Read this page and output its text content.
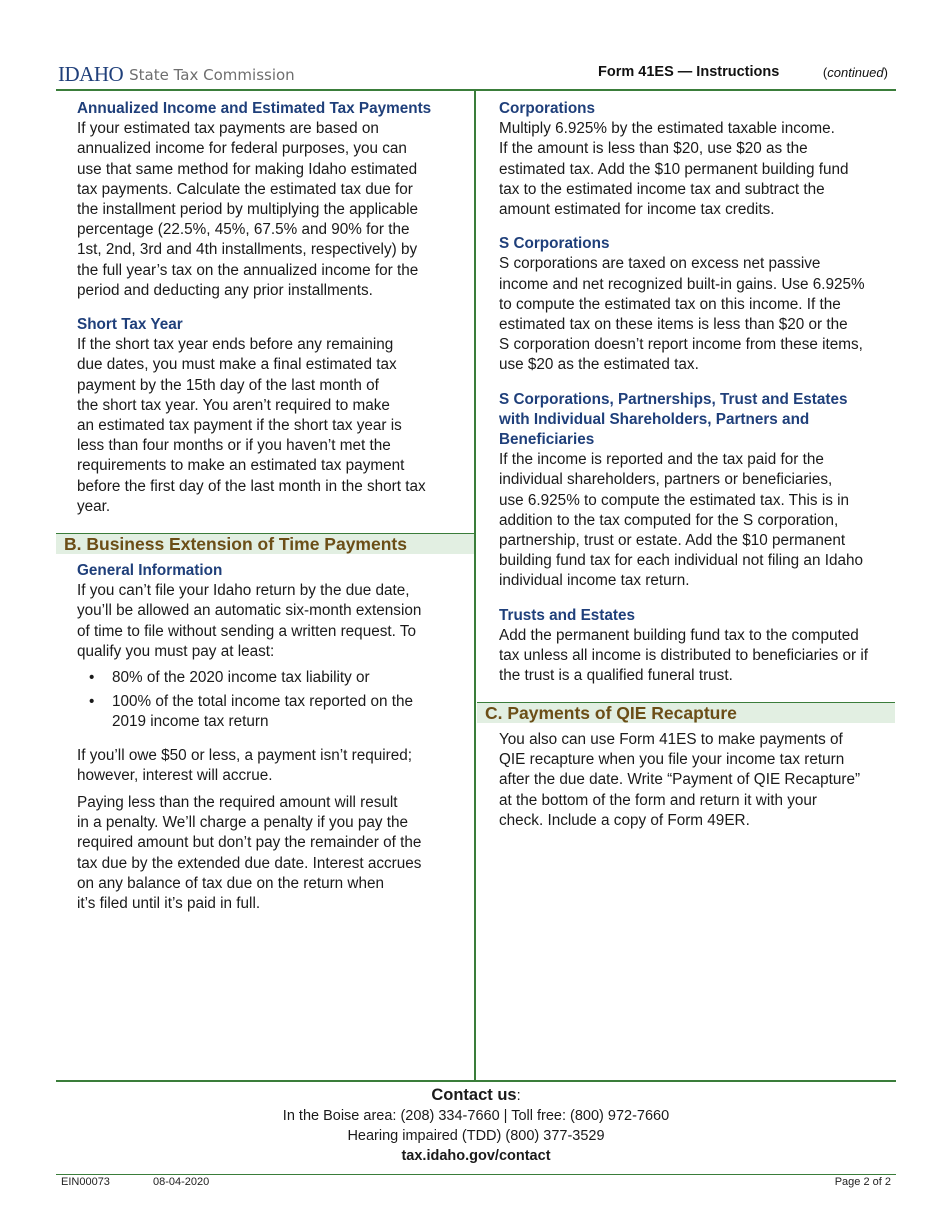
IDAHO State Tax Commission	Form 41ES — Instructions	(continued)
Annualized Income and Estimated Tax Payments
If your estimated tax payments are based on
annualized income for federal purposes, you can
use that same method for making Idaho estimated
tax payments. Calculate the estimated tax due for
the installment period by multiplying the applicable
percentage (22.5%, 45%, 67.5% and 90% for the
1st, 2nd, 3rd and 4th installments, respectively) by
the full year’s tax on the annualized income for the
period and deducting any prior installments.
Short Tax Year
If the short tax year ends before any remaining
due dates, you must make a final estimated tax
payment by the 15th day of the last month of
the short tax year. You aren’t required to make
an estimated tax payment if the short tax year is
less than four months or if you haven’t met the
requirements to make an estimated tax payment
before the first day of the last month in the short tax
year.
B. Business Extension of Time Payments
General Information
If you can’t file your Idaho return by the due date,
you’ll be allowed an automatic six-month extension
of time to file without sending a written request. To
qualify you must pay at least:
• 80% of the 2020 income tax liability or
• 100% of the total income tax reported on the
2019 income tax return
If you’ll owe $50 or less, a payment isn’t required;
however, interest will accrue.
Paying less than the required amount will result
in a penalty. We’ll charge a penalty if you pay the
required amount but don’t pay the remainder of the
tax due by the extended due date. Interest accrues
on any balance of tax due on the return when
it’s filed until it’s paid in full.
Corporations
Multiply 6.925% by the estimated taxable income.
If the amount is less than $20, use $20 as the
estimated tax. Add the $10 permanent building fund
tax to the estimated income tax and subtract the
amount estimated for income tax credits.
S Corporations
S corporations are taxed on excess net passive
income and net recognized built-in gains. Use 6.925%
to compute the estimated tax on this income. If the
estimated tax on these items is less than $20 or the
S corporation doesn’t report income from these items,
use $20 as the estimated tax.
S Corporations, Partnerships, Trust and Estates
with Individual Shareholders, Partners and
Beneficiaries
If the income is reported and the tax paid for the
individual shareholders, partners or beneficiaries,
use 6.925% to compute the estimated tax. This is in
addition to the tax computed for the S corporation,
partnership, trust or estate. Add the $10 permanent
building fund tax for each individual not filing an Idaho
individual income tax return.
Trusts and Estates
Add the permanent building fund tax to the computed
tax unless all income is distributed to beneficiaries or if
the trust is a qualified funeral trust.
C. Payments of QIE Recapture
You also can use Form 41ES to make payments of
QIE recapture when you file your income tax return
after the due date. Write “Payment of QIE Recapture”
at the bottom of the form and return it with your
check. Include a copy of Form 49ER.
Contact us:
In the Boise area: (208) 334-7660 | Toll free: (800) 972-7660
Hearing impaired (TDD) (800) 377-3529
tax.idaho.gov/contact
EIN00073	08-04-2020	Page 2 of 2
